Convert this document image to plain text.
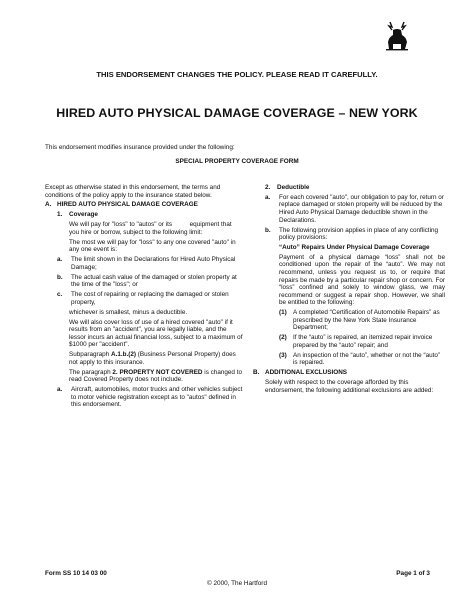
THIS ENDORSEMENT CHANGES THE POLICY. PLEASE READ IT CAREFULLY.
HIRED AUTO PHYSICAL DAMAGE COVERAGE – NEW YORK
This endorsement modifies insurance provided under the following:
SPECIAL PROPERTY COVERAGE FORM

Except as otherwise stated in this endorsement, the terms and conditions of the policy apply to the insurance stated below.

A. HIRED AUTO PHYSICAL DAMAGE COVERAGE
1.	Coverage

We will pay for "loss" to "autos" or its          equipment that you hire or borrow, subject to the following limit:

The most we will pay for "loss" to any one covered "auto" in any one event is:

a.	The limit shown in the Declarations for Hired Auto Physical Damage;
b.	The actual cash value of the damaged or stolen property at the time of the "loss"; or
c.	The cost of repairing or replacing the damaged or stolen property,

whichever is smallest, minus a deductible.

We will also cover loss of use of a hired covered "auto" if it results from an "accident", you are legally liable, and the lessor incurs an actual financial loss, subject to a maximum of $1000 per "accident".

Subparagraph A.1.b.(2) (Business Personal Property) does not apply to this insurance.

The paragraph 2. PROPERTY NOT COVERED is changed to read Covered Property does not include.

a.	Aircraft, automobiles, motor trucks and other vehicles subject to motor vehicle registration except as to "autos" defined in this endorsement.
2.	Deductible
a.	For each covered "auto", our obligation to pay for, return or replace damaged or stolen property will be reduced by the Hired Auto Physical Damage deductible shown in the Declarations.
b.	The following provision applies in place of any conflicting policy provisions:

“Auto” Repairs Under Physical Damage Coverage

Payment of a physical damage “loss” shall not be conditioned upon the repair of the “auto”. We may not recommend, unless you request us to, or require that repairs be made by a particular repair shop or concern. For “loss” confined and solely to window glass, we may recommend or suggest a repair shop. However, we shall be entitled to the following:

(1) A completed “Certification of Automobile Repairs” as prescribed by the New York State Insurance Department;
(2) If the “auto” is repaired, an itemized repair invoice prepared by the “auto” repair; and
(3) An inspection of the “auto”, whether or not the “auto” is repaired.
B. ADDITIONAL EXCLUSIONS

Solely with respect to the coverage afforded by this endorsement, the following additional exclusions are added:

Form SS 10 14 03 00	Page 1 of 3
© 2000, The Hartford
